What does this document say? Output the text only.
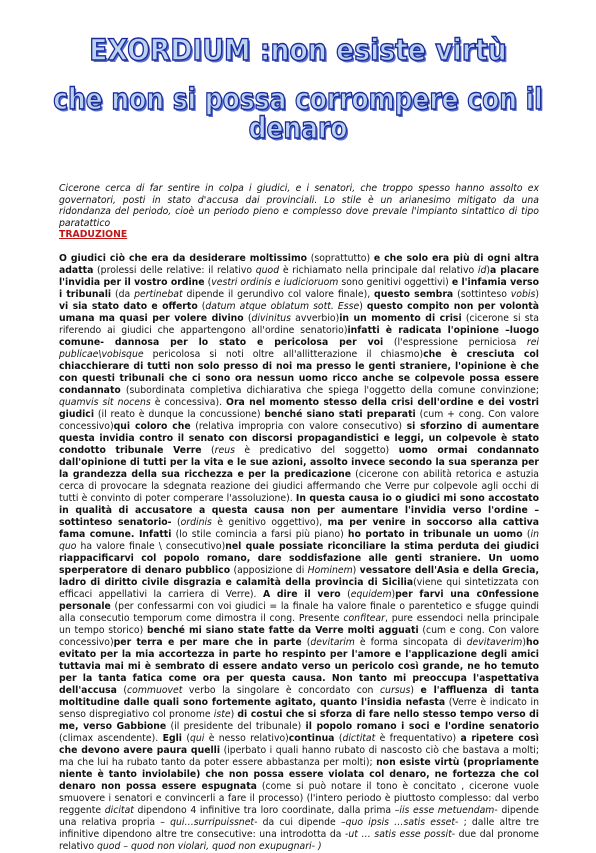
EXORDIUM :non esiste virtù
che non si possa corrompere con il denaro

Cicerone cerca di far sentire in colpa i giudici, e i senatori, che troppo spesso hanno assolto ex governatori, posti in stato d'accusa dai provinciali. Lo stile è un arianesimo mitigato da una ridondanza del periodo, cioè un periodo pieno e complesso dove prevale l'impianto sintattico di tipo paratattico

TRADUZIONE

O giudici ciò che era da desiderare moltissimo (soprattutto) e che solo era più di ogni altra adatta (prolessi delle relative: il relativo quod è richiamato nella principale dal relativo id)a placare l'invidia per il vostro ordine (vestri ordinis e iudicioruom sono genitivi oggettivi) e l'infamia verso i tribunali (da pertinebat dipende il gerundivo col valore finale), questo sembra (sottinteso vobis) vi sia stato dato e offerto (datum atque oblatum sott. Esse) questo compito non per volontà umana ma quasi per volere divino (divinitus avverbio)in un momento di crisi (cicerone si sta riferendo ai giudici che appartengono all'ordine senatorio)infatti è radicata l'opinione –luogo comune- dannosa per lo stato e pericolosa per voi (l'espressione perniciosa rei publicae\vobisque pericolosa si noti oltre all'allitterazione il chiasmo)che è cresciuta col chiacchierare di tutti non solo presso di noi ma presso le genti straniere, l'opinione è che con questi tribunali che ci sono ora nessun uomo ricco anche se colpevole possa essere condannato (subordinata completiva dichiarativa che spiega l'oggetto della comune convinzione; quamvis sit nocens è concessiva). Ora nel momento stesso della crisi dell'ordine e dei vostri giudici (il reato è dunque la concussione) benché siano stati preparati (cum + cong. Con valore concessivo)qui coloro che (relativa impropria con valore consecutivo) si sforzino di aumentare questa invidia contro il senato con discorsi propagandistici e leggi, un colpevole è stato condotto tribunale Verre (reus è predicativo del soggetto) uomo ormai condannato dall'opinione di tutti per la vita e le sue azioni, assolto invece secondo la sua speranza per la grandezza della sua ricchezza e per la predicazione (cicerone con abilità retorica e astuzia cerca di provocare la sdegnata reazione dei giudici affermando che Verre pur colpevole agli occhi di tutti è convinto di poter comperare l'assoluzione). In questa causa io o giudici mi sono accostato in qualità di accusatore a questa causa non per aumentare l'invidia verso l'ordine – sottinteso senatorio- (ordinis è genitivo oggettivo), ma per venire in soccorso alla cattiva fama comune. Infatti (lo stile comincia a farsi più piano) ho portato in tribunale un uomo (in quo ha valore finale \ consecutivo)nel quale possiate riconciliare la stima perduta dei giudici riappacificarvi col popolo romano, dare soddisfazione alle genti straniere. Un uomo sperperatore di denaro pubblico (apposizione di Hominem) vessatore dell'Asia e della Grecia, ladro di diritto civile disgrazia e calamità della provincia di Sicilia(viene qui sintetizzata con efficaci appellativi la carriera di Verre). A dire il vero (equidem)per farvi una c0nfessione personale (per confessarmi con voi giudici = la finale ha valore finale o parentetico e sfugge quindi alla consecutio temporum come dimostra il cong. Presente confitear, pure essendoci nella principale un tempo storico) benché mi siano state fatte da Verre molti agguati (cum e cong. Con valore concessivo)per terra e per mare che in parte (devitarim è forma sincopata di devitaverim)ho evitato per la mia accortezza in parte ho respinto per l'amore e l'applicazione degli amici tuttavia mai mi è sembrato di essere andato verso un pericolo così grande, ne ho temuto per la tanta fatica come ora per questa causa. Non tanto mi preoccupa l'aspettativa dell'accusa (commuovet verbo la singolare è concordato con cursus) e l'affluenza di tanta moltitudine dalle quali sono fortemente agitato, quanto l'insidia nefasta (Verre è indicato in senso dispregiativo col pronome iste) di costui che si sforza di fare nello stesso tempo verso di me, verso Gabbione (il presidente del tribunale) il popolo romano i soci e l'ordine senatorio (climax ascendente). Egli (qui è nesso relativo)continua (dictitat è frequentativo) a ripetere così che devono avere paura quelli (iperbato i quali hanno rubato di nascosto ciò che bastava a molti; ma che lui ha rubato tanto da poter essere abbastanza per molti); non esiste virtù (propriamente niente è tanto inviolabile) che non possa essere violata col denaro, ne fortezza che col denaro non possa essere espugnata (come si può notare il tono è concitato , cicerone vuole smuovere i senatori e convincerli a fare il processo) (l'intero periodo è piuttosto complesso: dal verbo reggente dicitat dipendono 4 infinitive tra loro coordinate, dalla prima –iis esse metuendam- dipende una relativa propria – qui…surripuissnet- da cui dipende –quo ipsis …satis esset- ; dalle altre tre infinitive dipendono altre tre consecutive: una introdotta da -ut … satis esse possit- due dal pronome relativo quod – quod non violari, quod non exupugnari- )
